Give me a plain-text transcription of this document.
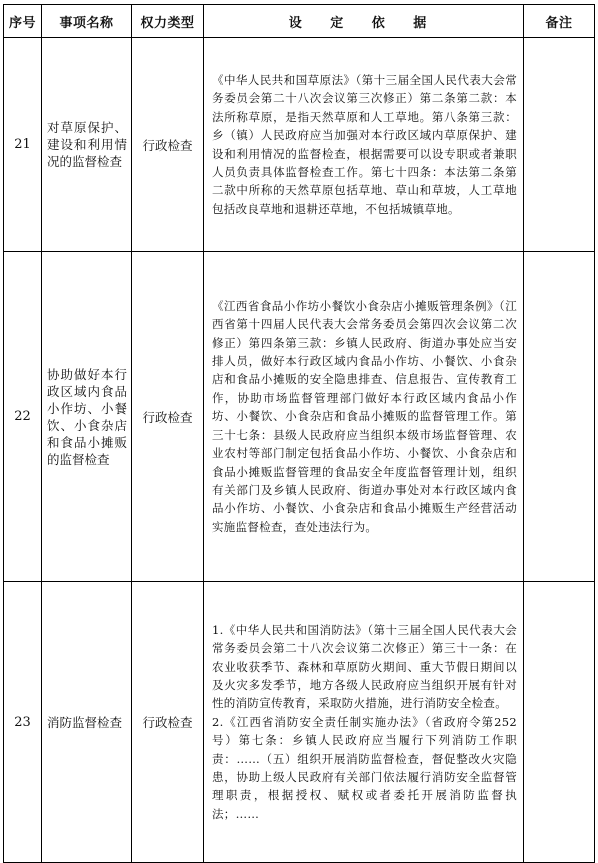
序号	事项名称	权力类型	设 定 依 据	备注
21	对草原保护、建设和利用情况的监督检查	行政检查	《中华人民共和国草原法》（第十三届全国人民代表大会常务委员会第二十八次会议第三次修正）第二条第二款：本法所称草原，是指天然草原和人工草地。第八条第三款：乡（镇）人民政府应当加强对本行政区域内草原保护、建设和利用情况的监督检查，根据需要可以设专职或者兼职人员负责具体监督检查工作。第七十四条：本法第二条第二款中所称的天然草原包括草地、草山和草坡，人工草地包括改良草地和退耕还草地，不包括城镇草地。	

22	协助做好本行政区域内食品小作坊、小餐饮、小食杂店和食品小摊贩的监督检查	行政检查	《江西省食品小作坊小餐饮小食杂店小摊贩管理条例》（江西省第十四届人民代表大会常务委员会第四次会议第二次修正）第四条第三款：乡镇人民政府、街道办事处应当安排人员，做好本行政区域内食品小作坊、小餐饮、小食杂店和食品小摊贩的安全隐患排查、信息报告、宣传教育工作，协助市场监督管理部门做好本行政区域内食品小作坊、小餐饮、小食杂店和食品小摊贩的监督管理工作。第三十七条：县级人民政府应当组织本级市场监督管理、农业农村等部门制定包括食品小作坊、小餐饮、小食杂店和食品小摊贩监督管理的食品安全年度监督管理计划，组织有关部门及乡镇人民政府、街道办事处对本行政区域内食品小作坊、小餐饮、小食杂店和食品小摊贩生产经营活动实施监督检查，查处违法行为。	

23	消防监督检查	行政检查	1.《中华人民共和国消防法》（第十三届全国人民代表大会常务委员会第二十八次会议第二次修正）第三十一条：在农业收获季节、森林和草原防火期间、重大节假日期间以及火灾多发季节，地方各级人民政府应当组织开展有针对性的消防宣传教育，采取防火措施，进行消防安全检查。

2.《江西省消防安全责任制实施办法》（省政府令第252号）第七条：乡镇人民政府应当履行下列消防工作职责：……（五）组织开展消防监督检查，督促整改火灾隐患，协助上级人民政府有关部门依法履行消防安全监督管理职责，根据授权、赋权或者委托开展消防监督执法；……	
